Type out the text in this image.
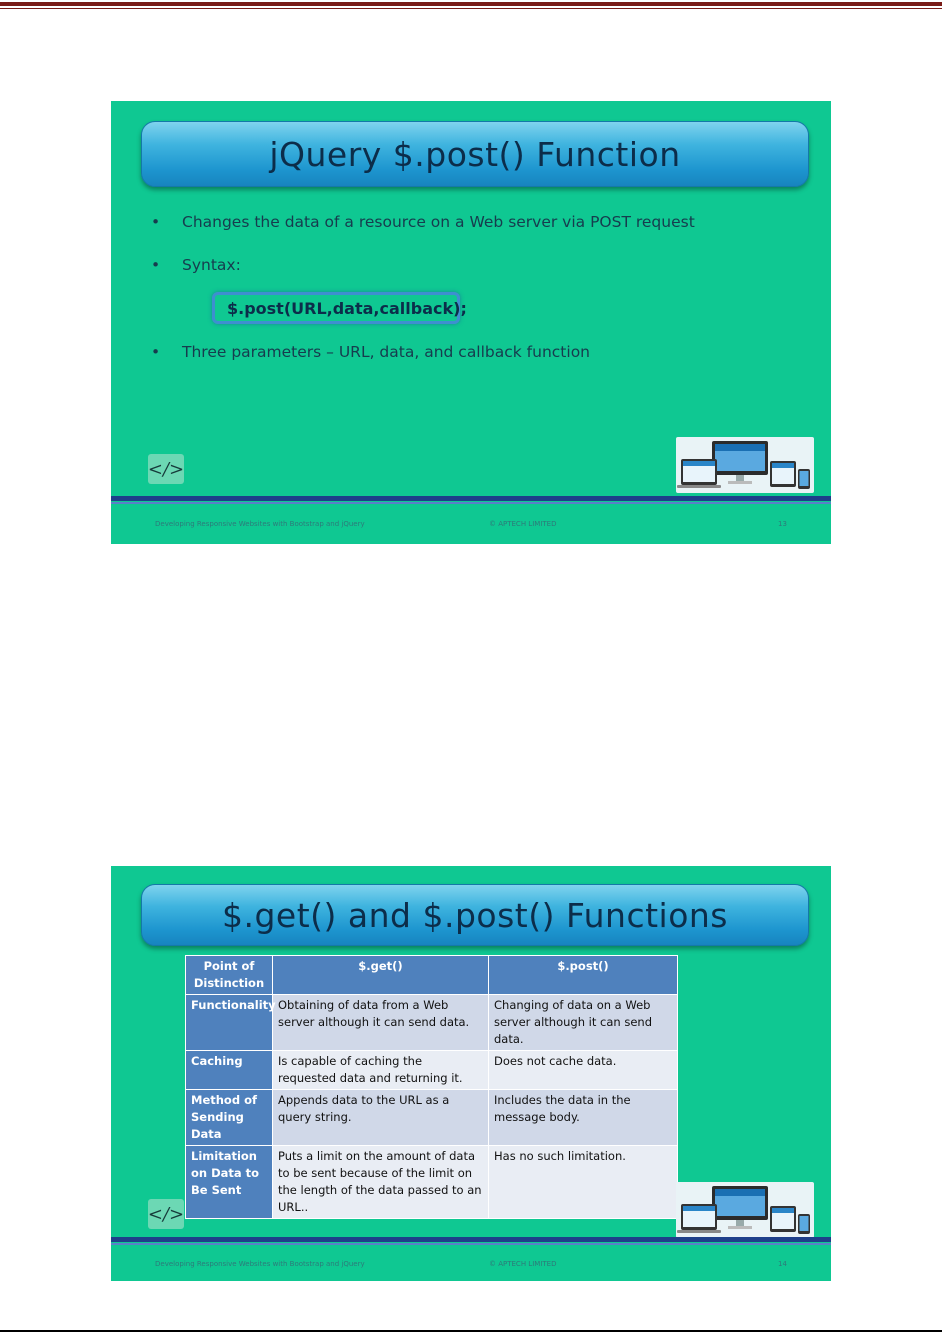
jQuery $.post() Function
• Changes the data of a resource on a Web server via POST request
• Syntax:
• Three parameters – URL, data, and callback function
$.post(URL,data,callback);
</>
Developing Responsive Websites with Bootstrap and jQuery	© APTECH LIMITED	13
$.get() and $.post() Functions
Point of Distinction	$.get()	$.post()
Functionality	Obtaining of data from a Web server although it can send data.	Changing of data on a Web server although it can send data.
Caching	Is capable of caching the requested data and returning it.	Does not cache data.
Method of Sending Data	Appends data to the URL as a query string.	Includes the data in the message body.
Limitation on Data to Be Sent	Puts a limit on the amount of data to be sent because of the limit on the length of the data passed to an URL..	Has no such limitation.
</>
Developing Responsive Websites with Bootstrap and jQuery	© APTECH LIMITED	14
